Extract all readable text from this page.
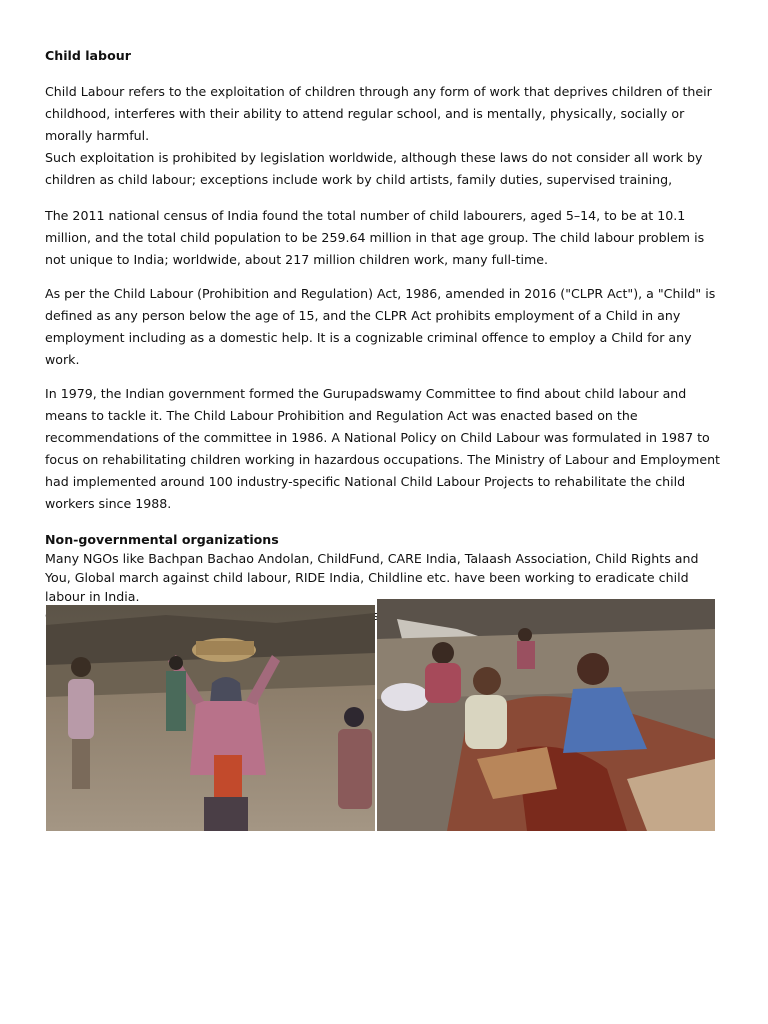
Child labour

Child Labour refers to the exploitation of children through any form of work that deprives children of their childhood, interferes with their ability to attend regular school, and is mentally, physically, socially or morally harmful.

Such exploitation is prohibited by legislation worldwide, although these laws do not consider all work by children as child labour; exceptions include work by child artists, family duties, supervised training,

The 2011 national census of India found the total number of child labourers, aged 5–14, to be at 10.1 million, and the total child population to be 259.64 million in that age group. The child labour problem is not unique to India; worldwide, about 217 million children work, many full-time.

As per the Child Labour (Prohibition and Regulation) Act, 1986, amended in 2016 ("CLPR Act"), a "Child" is defined as any person below the age of 15, and the CLPR Act prohibits employment of a Child in any employment including as a domestic help. It is a cognizable criminal offence to employ a Child for any work.

In 1979, the Indian government formed the Gurupadswamy Committee to find about child labour and means to tackle it. The Child Labour Prohibition and Regulation Act was enacted based on the recommendations of the committee in 1986. A National Policy on Child Labour was formulated in 1987 to focus on rehabilitating children working in hazardous occupations. The Ministry of Labour and Employment had implemented around 100 industry-specific National Child Labour Projects to rehabilitate the child workers since 1988.

Non-governmental organizations

Many NGOs like Bachpan Bachao Andolan, ChildFund, CARE India, Talaash Association, Child Rights and You, Global march against child labour, RIDE India, Childline etc. have been working to eradicate child labour in India.
